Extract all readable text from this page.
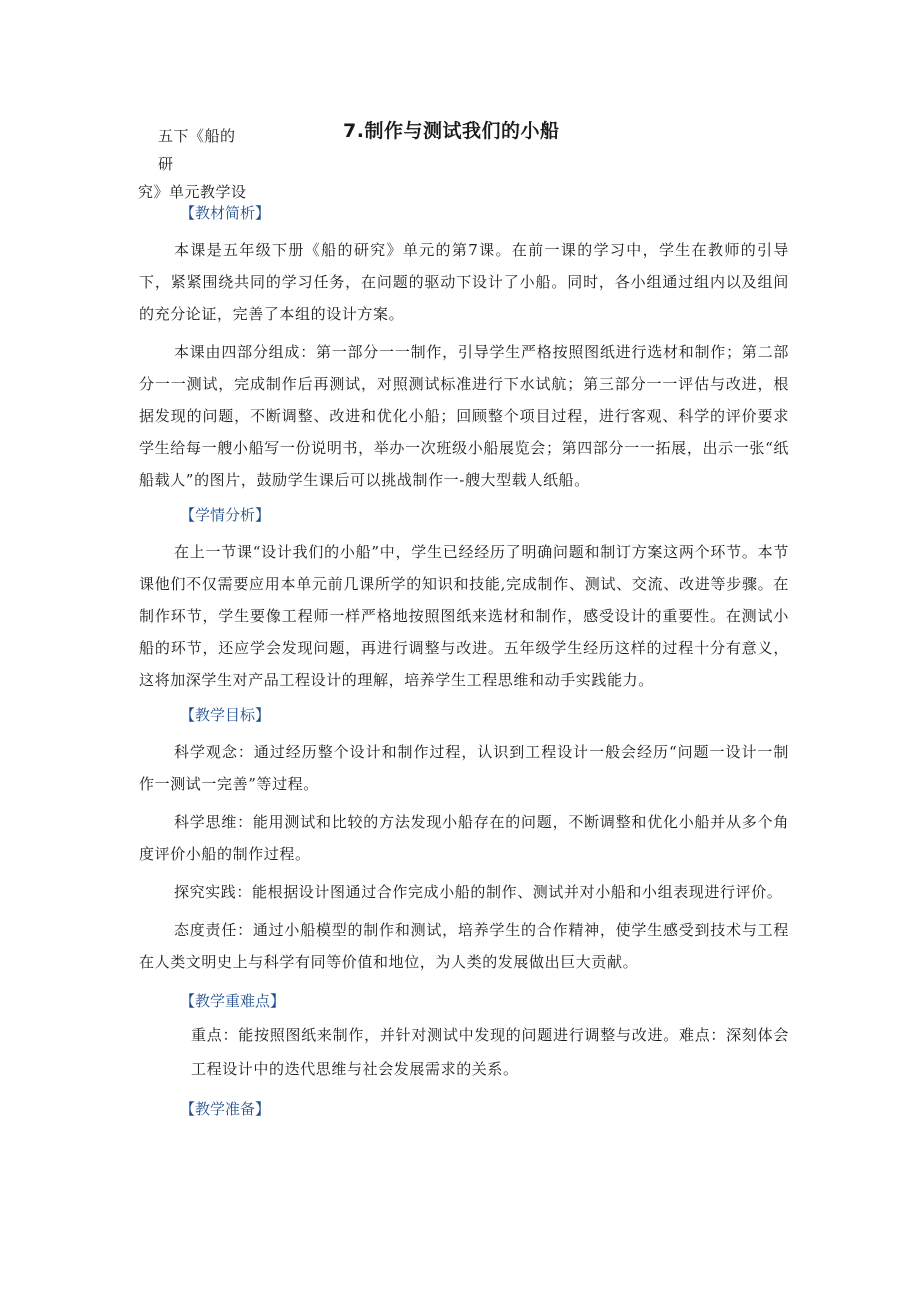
五下《船的研
究》单元教学设
7.制作与测试我们的小船
【教材简析】

本课是五年级下册《船的研究》单元的第7课。在前一课的学习中，学生在教师的引导下，紧紧围绕共同的学习任务，在问题的驱动下设计了小船。同时，各小组通过组内以及组间的充分论证，完善了本组的设计方案。

本课由四部分组成：第一部分一一制作，引导学生严格按照图纸进行选材和制作；第二部分一一测试，完成制作后再测试，对照测试标准进行下水试航；第三部分一一评估与改进，根据发现的问题，不断调整、改进和优化小船；回顾整个项目过程，进行客观、科学的评价要求学生给每一艘小船写一份说明书，举办一次班级小船展览会；第四部分一一拓展，出示一张“纸船载人”的图片，鼓励学生课后可以挑战制作一-艘大型载人纸船。

【学情分析】

在上一节课“设计我们的小船”中，学生已经经历了明确问题和制订方案这两个环节。本节课他们不仅需要应用本单元前几课所学的知识和技能,完成制作、测试、交流、改进等步骤。在制作环节，学生要像工程师一样严格地按照图纸来选材和制作，感受设计的重要性。在测试小船的环节，还应学会发现问题，再进行调整与改进。五年级学生经历这样的过程十分有意义，这将加深学生对产品工程设计的理解，培养学生工程思维和动手实践能力。

【教学目标】

科学观念：通过经历整个设计和制作过程，认识到工程设计一般会经历“问题一设计一制作一测试一完善”等过程。

科学思维：能用测试和比较的方法发现小船存在的问题，不断调整和优化小船并从多个角度评价小船的制作过程。

探究实践：能根据设计图通过合作完成小船的制作、测试并对小船和小组表现进行评价。

态度责任：通过小船模型的制作和测试，培养学生的合作精神，使学生感受到技术与工程在人类文明史上与科学有同等价值和地位，为人类的发展做出巨大贡献。

【教学重难点】

重点：能按照图纸来制作，并针对测试中发现的问题进行调整与改进。难点：深刻体会工程设计中的迭代思维与社会发展需求的关系。

【教学准备】
